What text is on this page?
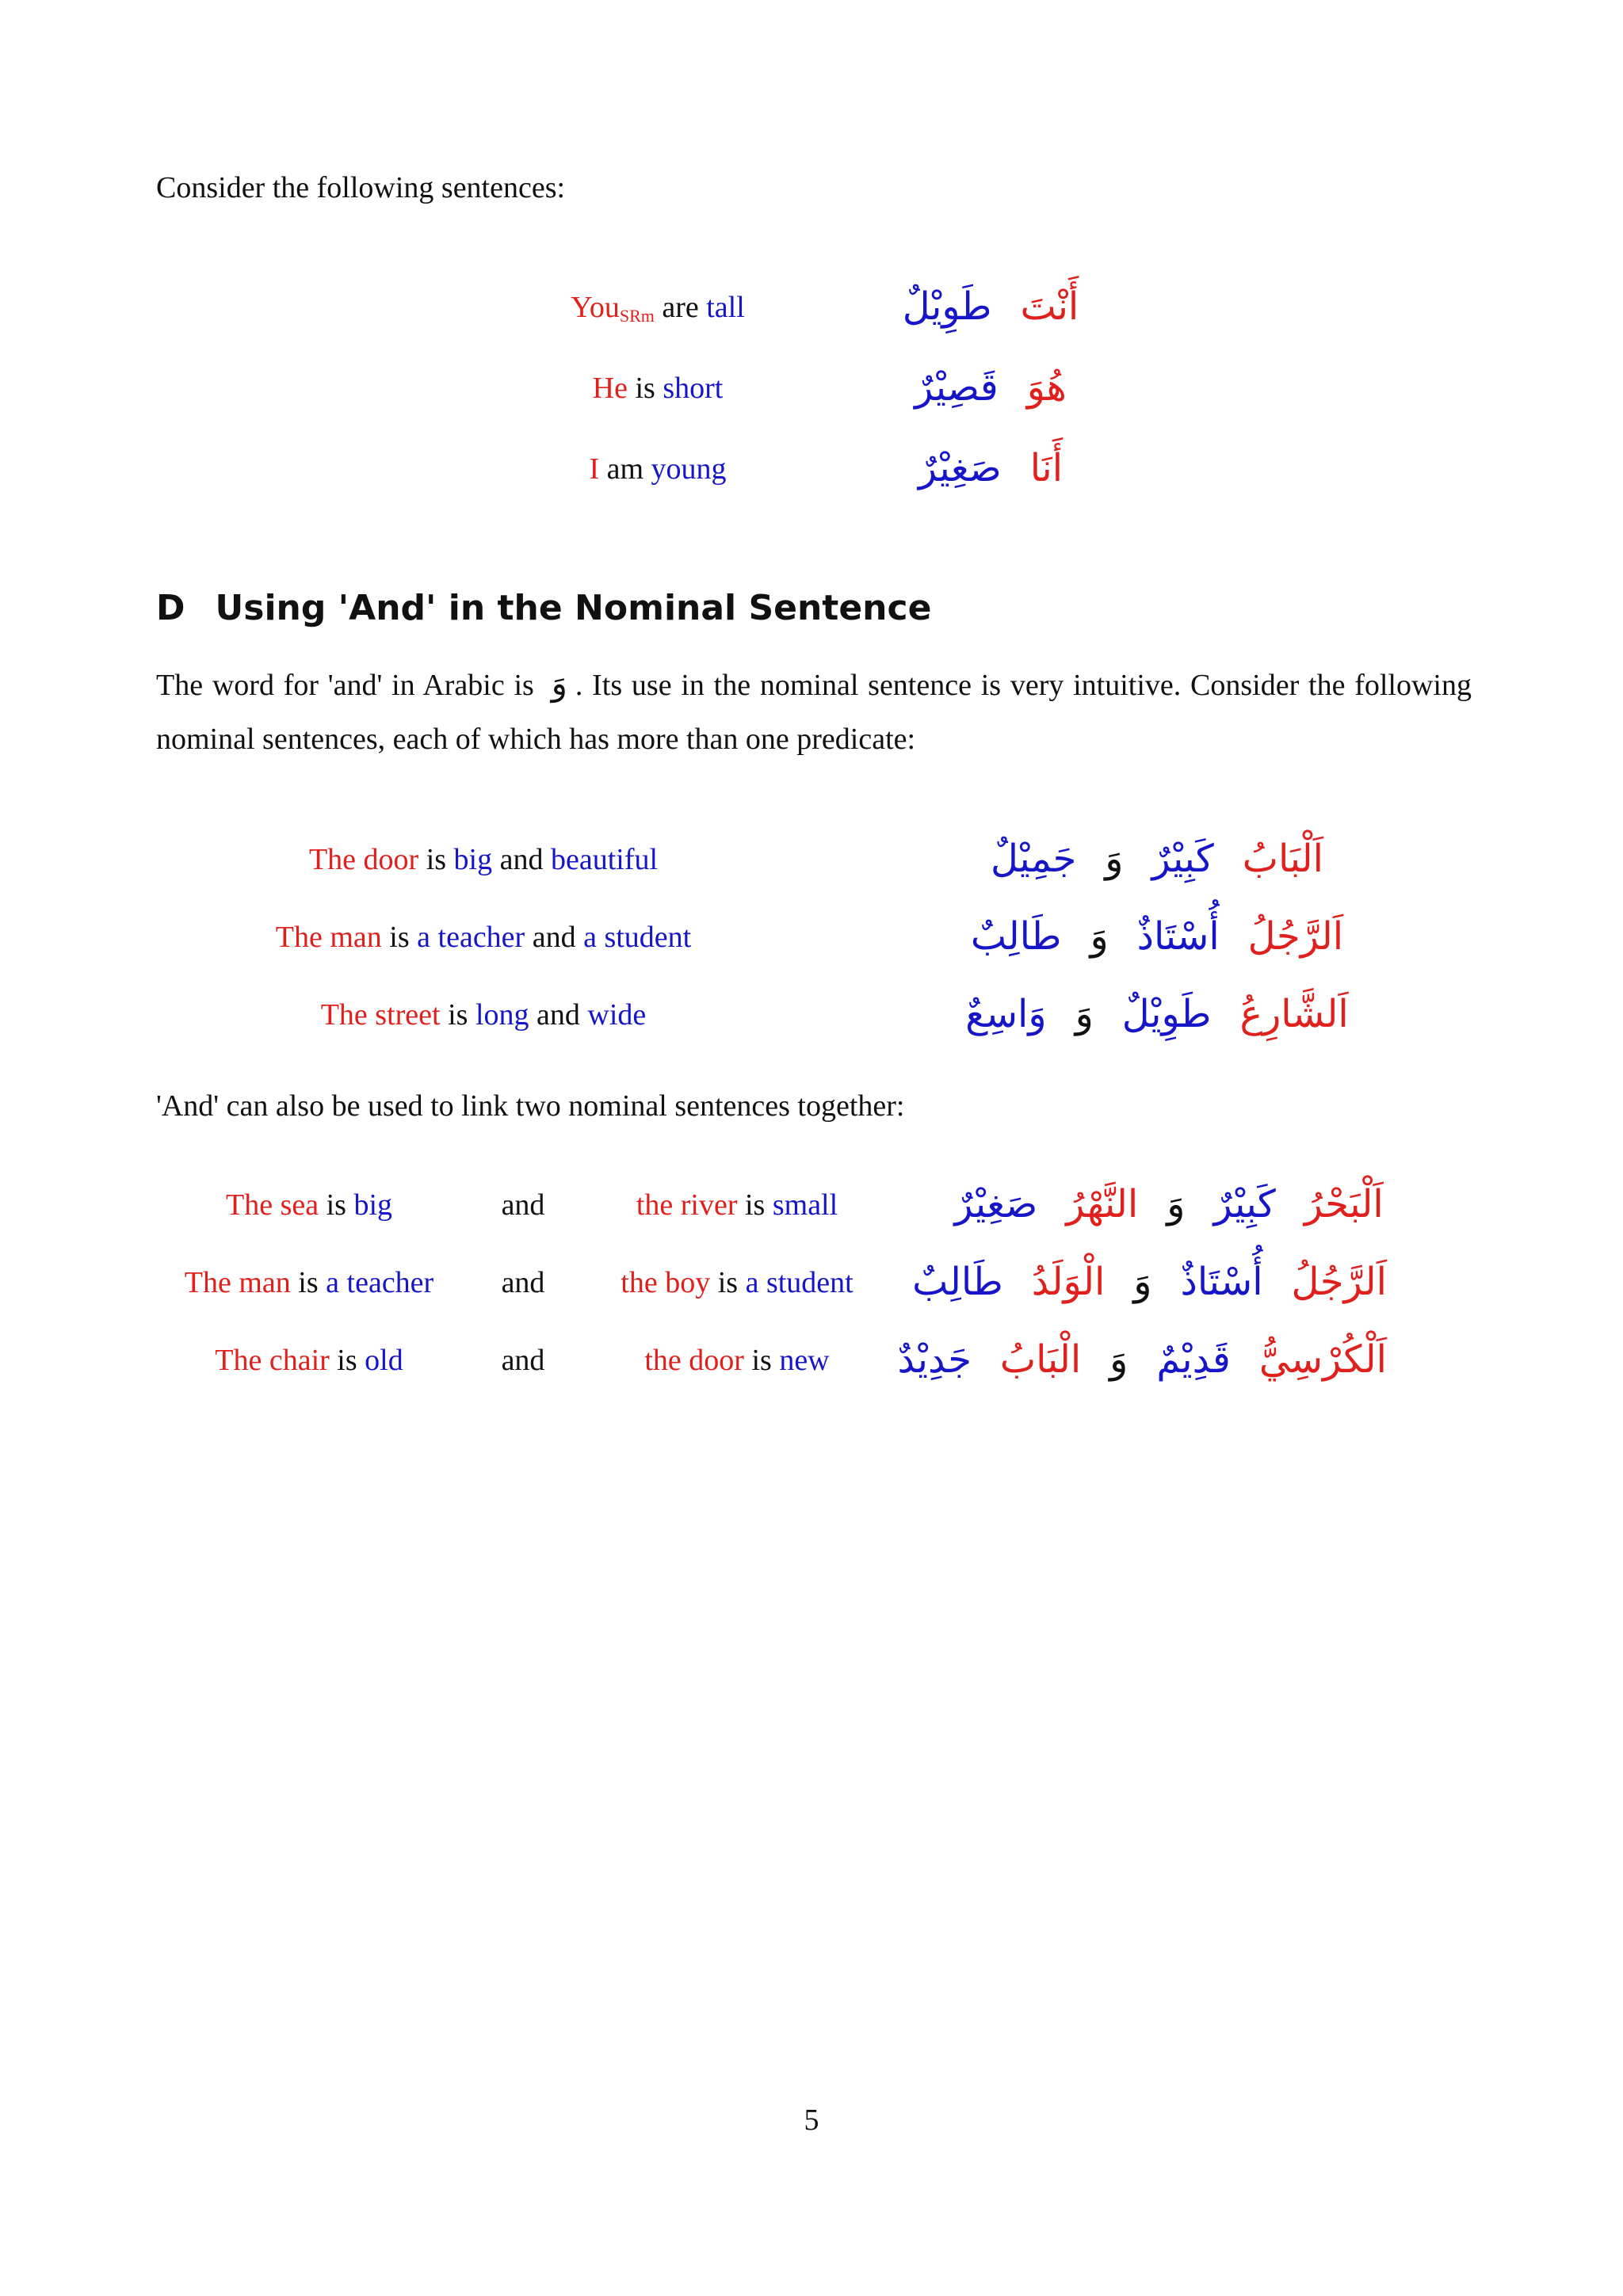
Consider the following sentences:
You$_{SRm}$ are tall	أَنْتَ   طَوِيْلٌ
He is short	هُوَ   قَصِيْرٌ
I am young	أَنَا   صَغِيْرٌ
D Using 'And' in the Nominal Sentence
The word for 'and' in Arabic is وَ . Its use in the nominal sentence is very intuitive. Consider the following nominal sentences, each of which has more than one predicate:
The door is big and beautiful	اَلْبَابُ   كَبِيْرٌ   وَ   جَمِيْلٌ
The man is a teacher and a student	اَلرَّجُلُ   أُسْتَاذٌ   وَ   طَالِبٌ
The street is long and wide	اَلشَّارِعُ   طَوِيْلٌ   وَ   وَاسِعٌ
'And' can also be used to link two nominal sentences together:
The sea is big	and	the river is small	اَلْبَحْرُ   كَبِيْرٌ   وَ   النَّهْرُ   صَغِيْرٌ
The man is a teacher	and	the boy is a student	اَلرَّجُلُ   أُسْتَاذٌ   وَ   الْوَلَدُ   طَالِبٌ
The chair is old	and	the door is new	اَلْكُرْسِيُّ   قَدِيْمٌ   وَ   الْبَابُ   جَدِيْدٌ
5
